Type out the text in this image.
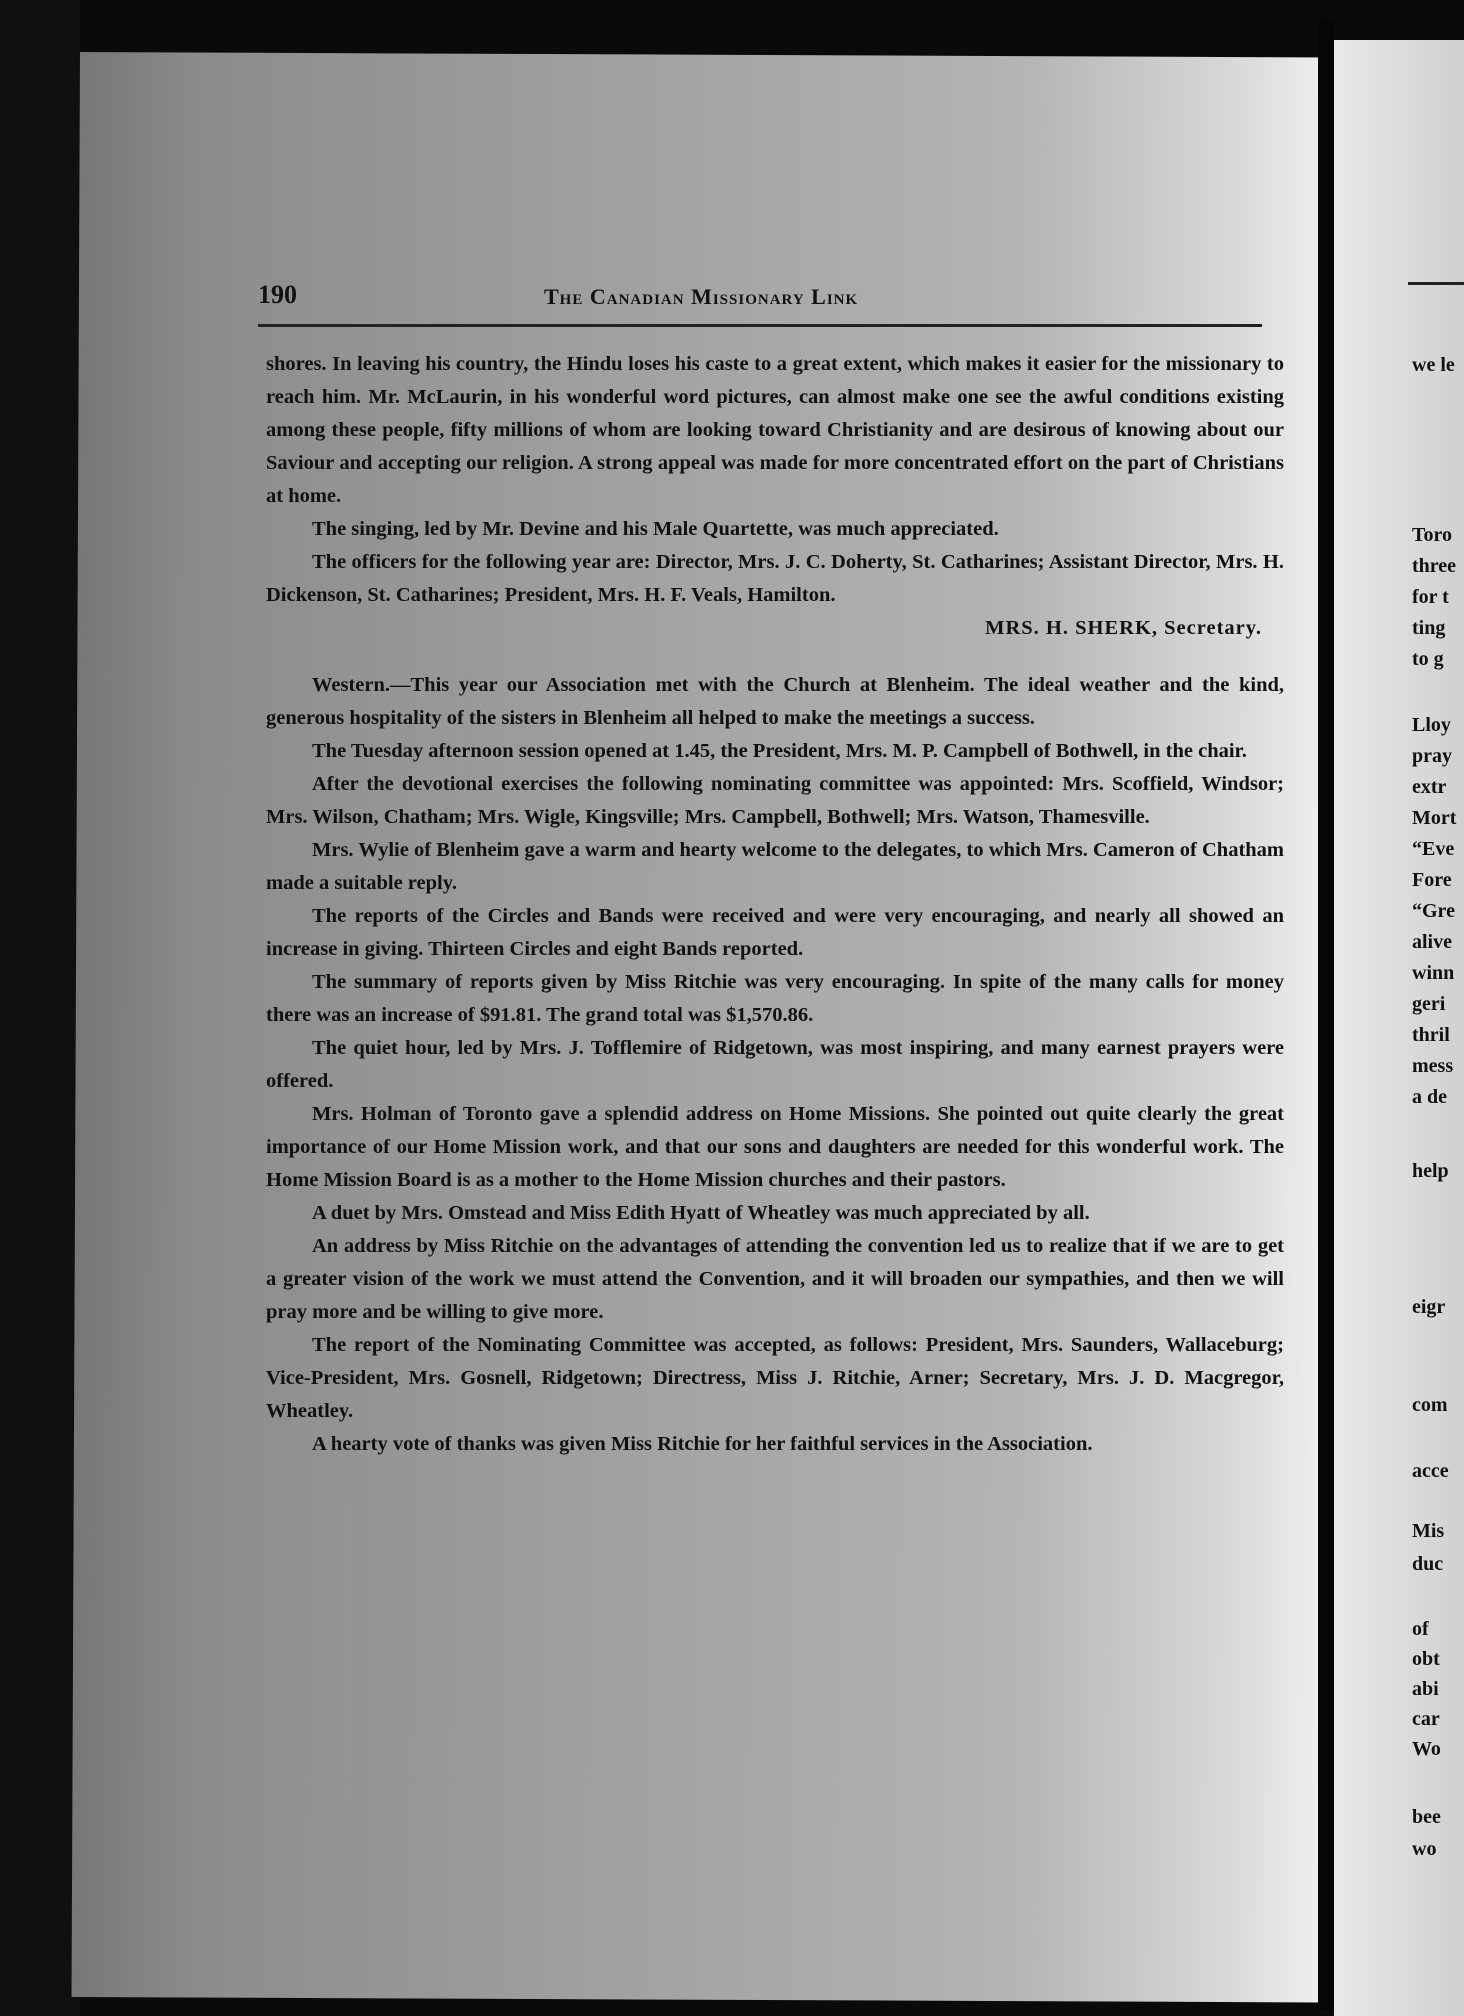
190	The Canadian Missionary Link

shores. In leaving his country, the Hindu loses his caste to a great extent, which makes it easier for the missionary to reach him. Mr. McLaurin, in his wonderful word pictures, can almost make one see the awful conditions existing among these people, fifty millions of whom are looking toward Christianity and are desirous of knowing about our Saviour and accepting our religion. A strong appeal was made for more concentrated effort on the part of Christians at home.

The singing, led by Mr. Devine and his Male Quartette, was much appreciated.

The officers for the following year are: Director, Mrs. J. C. Doherty, St. Catharines; Assistant Director, Mrs. H. Dickenson, St. Catharines; President, Mrs. H. F. Veals, Hamilton.

MRS. H. SHERK, Secretary.

Western.—This year our Association met with the Church at Blenheim. The ideal weather and the kind, generous hospitality of the sisters in Blenheim all helped to make the meetings a success.

The Tuesday afternoon session opened at 1.45, the President, Mrs. M. P. Campbell of Bothwell, in the chair.

After the devotional exercises the following nominating committee was appointed: Mrs. Scoffield, Windsor; Mrs. Wilson, Chatham; Mrs. Wigle, Kingsville; Mrs. Campbell, Bothwell; Mrs. Watson, Thamesville.

Mrs. Wylie of Blenheim gave a warm and hearty welcome to the delegates, to which Mrs. Cameron of Chatham made a suitable reply.

The reports of the Circles and Bands were received and were very encouraging, and nearly all showed an increase in giving. Thirteen Circles and eight Bands reported.

The summary of reports given by Miss Ritchie was very encouraging. In spite of the many calls for money there was an increase of $91.81. The grand total was $1,570.86.

The quiet hour, led by Mrs. J. Tofflemire of Ridgetown, was most inspiring, and many earnest prayers were offered.

Mrs. Holman of Toronto gave a splendid address on Home Missions. She pointed out quite clearly the great importance of our Home Mission work, and that our sons and daughters are needed for this wonderful work. The Home Mission Board is as a mother to the Home Mission churches and their pastors.

A duet by Mrs. Omstead and Miss Edith Hyatt of Wheatley was much appreciated by all.

An address by Miss Ritchie on the advantages of attending the convention led us to realize that if we are to get a greater vision of the work we must attend the Convention, and it will broaden our sympathies, and then we will pray more and be willing to give more.

The report of the Nominating Committee was accepted, as follows: President, Mrs. Saunders, Wallaceburg; Vice-President, Mrs. Gosnell, Ridgetown; Directress, Miss J. Ritchie, Arner; Secretary, Mrs. J. D. Macgregor, Wheatley.

A hearty vote of thanks was given Miss Ritchie for her faithful services in the Association.

we le
Toro
three
for t
ting
to g
Lloy
pray
extr
Mort
“Eve
Fore
“Gre
alive
winn
geri
thril
mess
a de
help
eigr
com
acce
Mis
duc
of
obt
abi
car
Wo
bee
wo
